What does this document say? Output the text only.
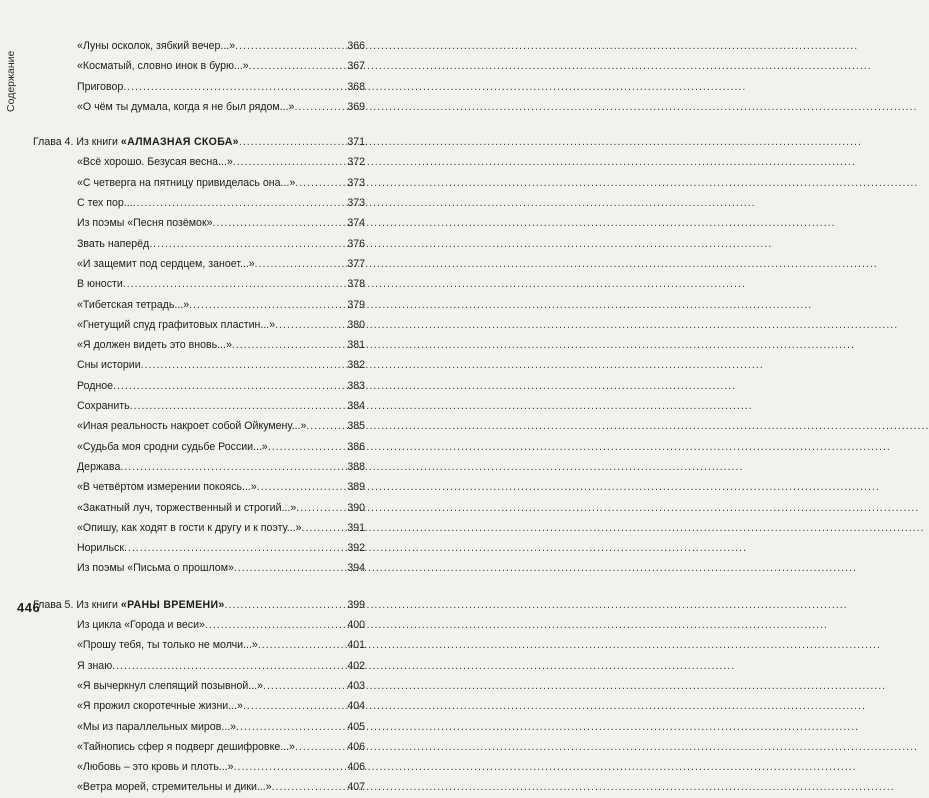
Содержание
«Луны осколок, зябкий вечер...» .....	366
«Косматый, словно инок в бурю...» .....	367
Приговор .....	368
«О чём ты думала, когда я не был рядом...» .....	369
Глава 4. Из книги «АЛМАЗНАЯ СКОБА» .....	371
«Всё хорошо. Безусая весна...» .....	372
«С четверга на пятницу привиделась она...» .....	373
С тех пор... .....	373
Из поэмы «Песня позёмок» .....	374
Звать наперёд .....	376
«И защемит под сердцем, заноет...» .....	377
В юности .....	378
«Тибетская тетрадь...» .....	379
«Гнетущий спуд графитовых пластин...» .....	380
«Я должен видеть это вновь...» .....	381
Сны истории .....	382
Родное .....	383
Сохранить .....	384
«Иная реальность накроет собой Ойкумену...» .....	385
«Судьба моя сродни судьбе России...» .....	386
Держава .....	388
«В четвёртом измерении покоясь...» .....	389
«Закатный луч, торжественный и строгий...» .....	390
«Опишу, как ходят в гости к другу и к поэту...» .....	391
Норильск .....	392
Из поэмы «Письма о прошлом» .....	394
Глава 5. Из книги «РАНЫ ВРЕМЕНИ» .....	399
Из цикла «Города и веси» .....	400
«Прошу тебя, ты только не молчи...» .....	401
Я знаю .....	402
«Я вычеркнул слепящий позывной...» .....	403
«Я прожил скоротечные жизни...» .....	404
«Мы из параллельных миров...» .....	405
«Тайнопись сфер я подверг дешифровке...» .....	406
«Любовь – это кровь и плоть...» .....	406
«Ветра морей, стремительны и дики...» .....	407
446
